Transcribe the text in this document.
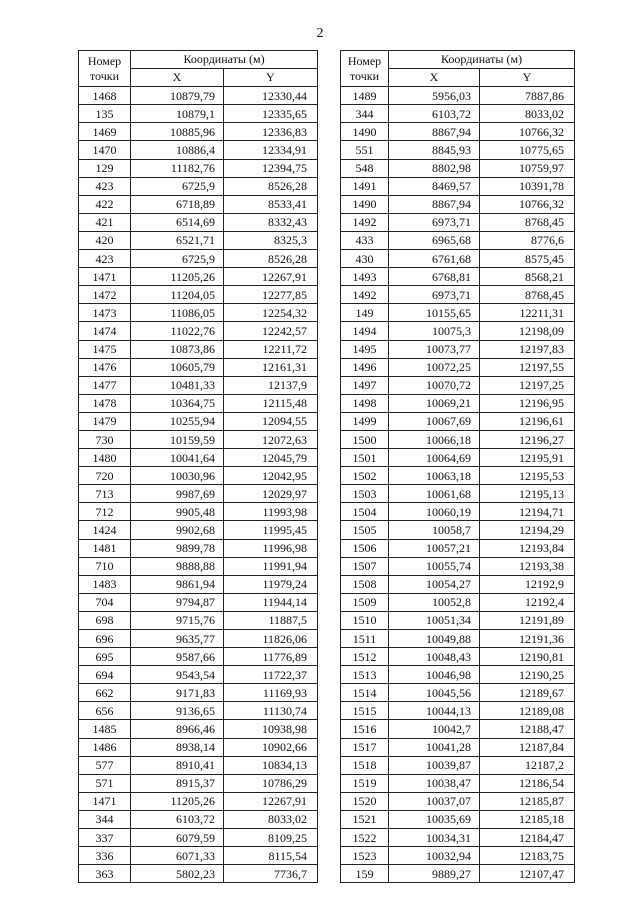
2
Номер
точки	Координаты (м)	
	X	Y
1468	10879,79	12330,44
135	10879,1	12335,65
1469	10885,96	12336,83
1470	10886,4	12334,91
129	11182,76	12394,75
423	6725,9	8526,28
422	6718,89	8533,41
421	6514,69	8332,43
420	6521,71	8325,3
423	6725,9	8526,28
1471	11205,26	12267,91
1472	11204,05	12277,85
1473	11086,05	12254,32
1474	11022,76	12242,57
1475	10873,86	12211,72
1476	10605,79	12161,31
1477	10481,33	12137,9
1478	10364,75	12115,48
1479	10255,94	12094,55
730	10159,59	12072,63
1480	10041,64	12045,79
720	10030,96	12042,95
713	9987,69	12029,97
712	9905,48	11993,98
1424	9902,68	11995,45
1481	9899,78	11996,98
710	9888,88	11991,94
1483	9861,94	11979,24
704	9794,87	11944,14
698	9715,76	11887,5
696	9635,77	11826,06
695	9587,66	11776,89
694	9543,54	11722,37
662	9171,83	11169,93
656	9136,65	11130,74
1485	8966,46	10938,98
1486	8938,14	10902,66
577	8910,41	10834,13
571	8915,37	10786,29
1471	11205,26	12267,91
344	6103,72	8033,02
337	6079,59	8109,25
336	6071,33	8115,54
363	5802,23	7736,7
Номер
точки	Координаты (м)	
	X	Y
1489	5956,03	7887,86
344	6103,72	8033,02
1490	8867,94	10766,32
551	8845,93	10775,65
548	8802,98	10759,97
1491	8469,57	10391,78
1490	8867,94	10766,32
1492	6973,71	8768,45
433	6965,68	8776,6
430	6761,68	8575,45
1493	6768,81	8568,21
1492	6973,71	8768,45
149	10155,65	12211,31
1494	10075,3	12198,09
1495	10073,77	12197,83
1496	10072,25	12197,55
1497	10070,72	12197,25
1498	10069,21	12196,95
1499	10067,69	12196,61
1500	10066,18	12196,27
1501	10064,69	12195,91
1502	10063,18	12195,53
1503	10061,68	12195,13
1504	10060,19	12194,71
1505	10058,7	12194,29
1506	10057,21	12193,84
1507	10055,74	12193,38
1508	10054,27	12192,9
1509	10052,8	12192,4
1510	10051,34	12191,89
1511	10049,88	12191,36
1512	10048,43	12190,81
1513	10046,98	12190,25
1514	10045,56	12189,67
1515	10044,13	12189,08
1516	10042,7	12188,47
1517	10041,28	12187,84
1518	10039,87	12187,2
1519	10038,47	12186,54
1520	10037,07	12185,87
1521	10035,69	12185,18
1522	10034,31	12184,47
1523	10032,94	12183,75
159	9889,27	12107,47
